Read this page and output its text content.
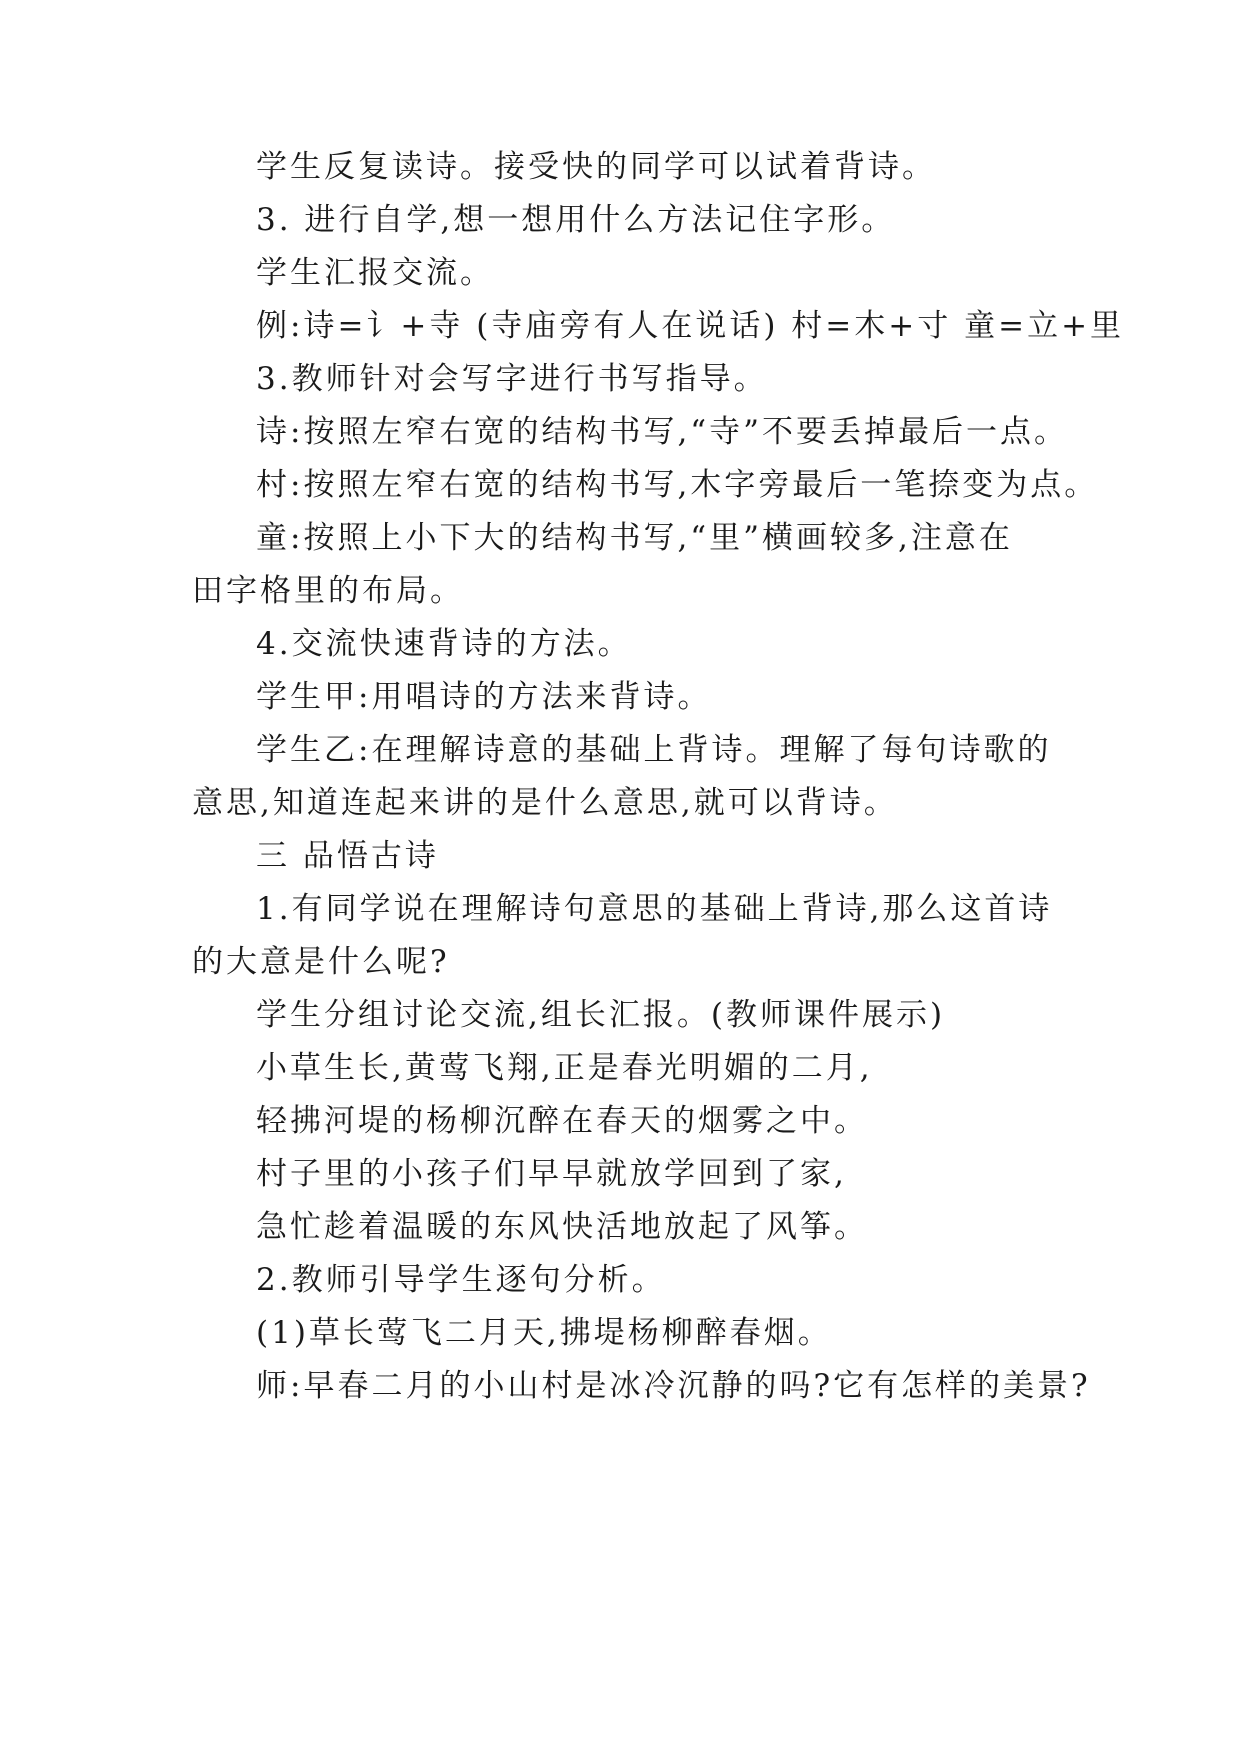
学生反复读诗。接受快的同学可以试着背诗。
3. 进行自学,想一想用什么方法记住字形。
学生汇报交流。
例:诗=讠+寺 (寺庙旁有人在说话) 村=木+寸 童=立+里
3.教师针对会写字进行书写指导。
诗:按照左窄右宽的结构书写,“寺”不要丢掉最后一点。
村:按照左窄右宽的结构书写,木字旁最后一笔捺变为点。
童:按照上小下大的结构书写,“里”横画较多,注意在
田字格里的布局。
4.交流快速背诗的方法。
学生甲:用唱诗的方法来背诗。
学生乙:在理解诗意的基础上背诗。理解了每句诗歌的
意思,知道连起来讲的是什么意思,就可以背诗。
三 品悟古诗
1.有同学说在理解诗句意思的基础上背诗,那么这首诗
的大意是什么呢?
学生分组讨论交流,组长汇报。(教师课件展示)
小草生长,黄莺飞翔,正是春光明媚的二月,
轻拂河堤的杨柳沉醉在春天的烟雾之中。
村子里的小孩子们早早就放学回到了家,
急忙趁着温暖的东风快活地放起了风筝。
2.教师引导学生逐句分析。
(1)草长莺飞二月天,拂堤杨柳醉春烟。
师:早春二月的小山村是冰冷沉静的吗?它有怎样的美景?
